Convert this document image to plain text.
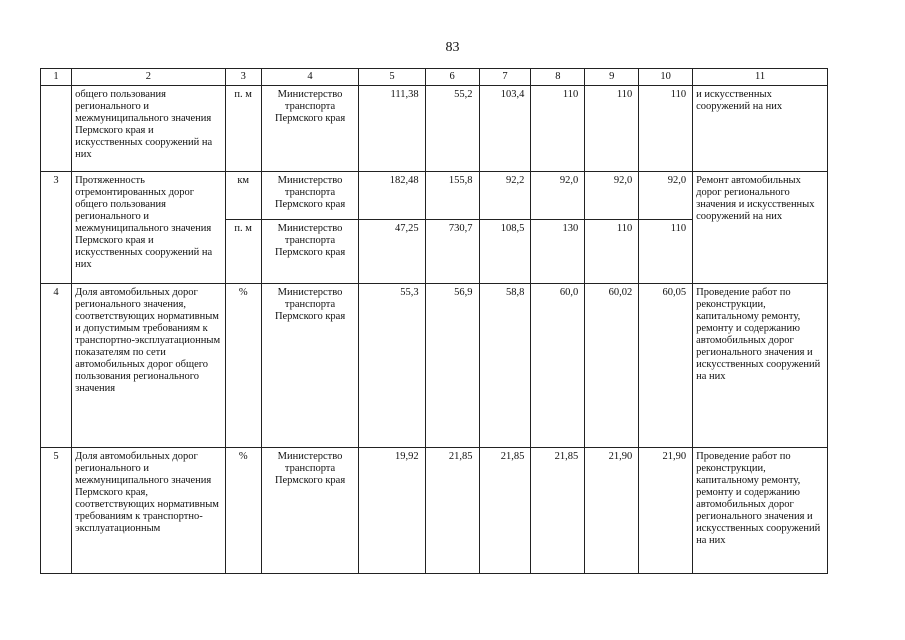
83
1	2	3	4	5	6	7	8	9	10	11
	общего пользования регионального и межмуниципального значения Пермского края и искусственных сооружений на них	п. м	Министерство транспорта Пермского края	111,38	55,2	103,4	110	110	110	и искусственных сооружений на них
3	Протяженность отремонтированных дорог общего пользования регионального и межмуниципального значения Пермского края и искусственных сооружений на них	км	Министерство транспорта Пермского края	182,48	155,8	92,2	92,0	92,0	92,0	Ремонт автомобильных дорог регионального значения и искусственных сооружений на них
		п. м	Министерство транспорта Пермского края	47,25	730,7	108,5	130	110	110	
4	Доля автомобильных дорог регионального значения, соответствующих нормативным и допустимым требованиям к транспортно-эксплуатационным показателям по сети автомобильных дорог общего пользования регионального значения	%	Министерство транспорта Пермского края	55,3	56,9	58,8	60,0	60,02	60,05	Проведение работ по реконструкции, капитальному ремонту, ремонту и содержанию автомобильных дорог регионального значения и искусственных сооружений на них
5	Доля автомобильных дорог регионального и межмуниципального значения Пермского края, соответствующих нормативным требованиям к транспортно-эксплуатационным	%	Министерство транспорта Пермского края	19,92	21,85	21,85	21,85	21,90	21,90	Проведение работ по реконструкции, капитальному ремонту, ремонту и содержанию автомобильных дорог регионального значения и искусственных сооружений на них
